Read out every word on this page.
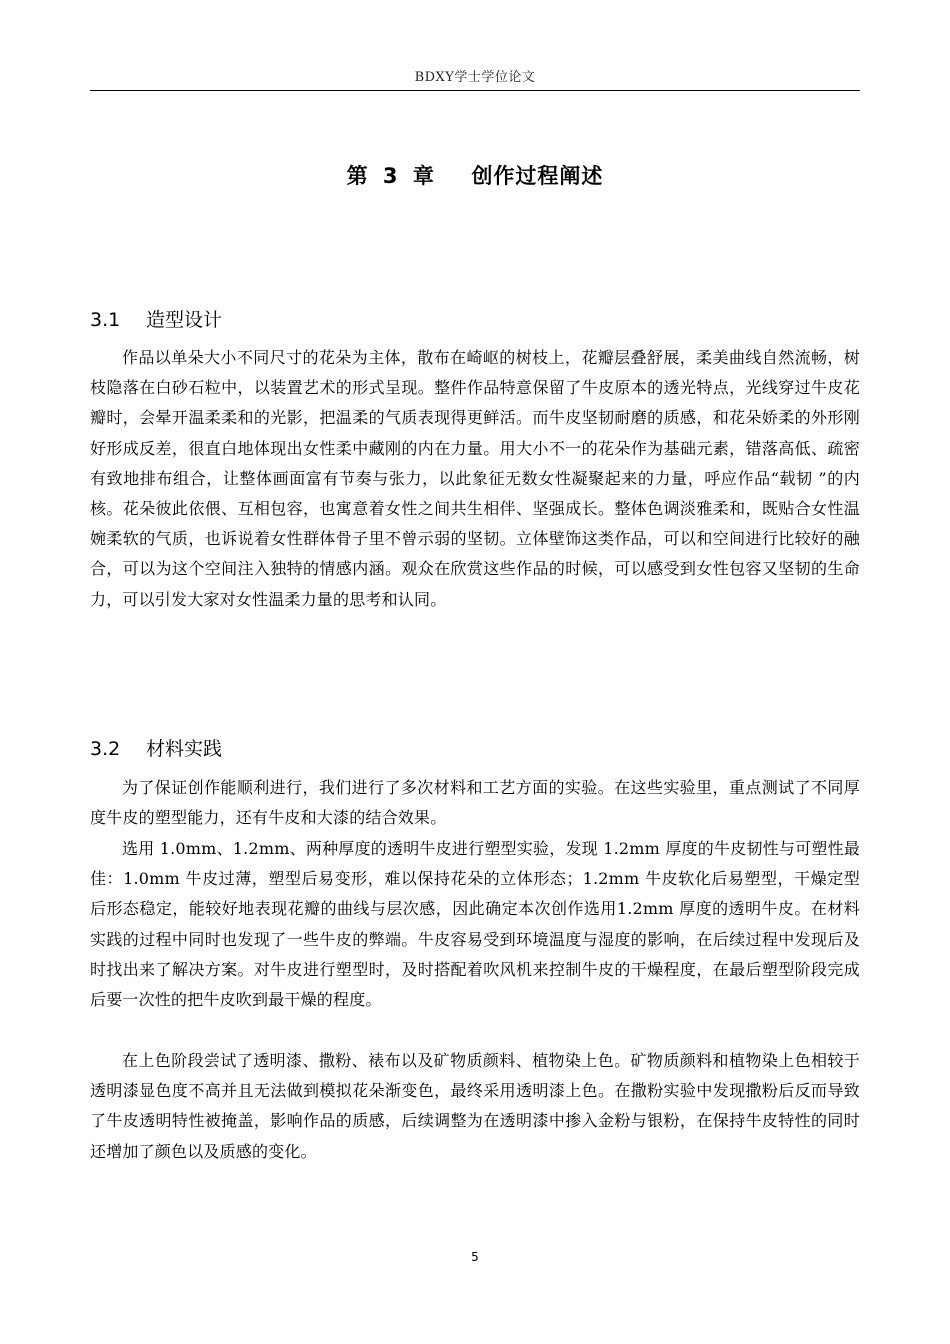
BDXY学士学位论文
第 3 章 创作过程阐述
3.1 造型设计

作品以单朵大小不同尺寸的花朵为主体，散布在崎岖的树枝上，花瓣层叠舒展，柔美曲线自然流畅，树枝隐落在白砂石粒中，以装置艺术的形式呈现。整件作品特意保留了牛皮原本的透光特点，光线穿过牛皮花瓣时，会晕开温柔柔和的光影，把温柔的气质表现得更鲜活。而牛皮坚韧耐磨的质感，和花朵娇柔的外形刚好形成反差，很直白地体现出女性柔中藏刚的内在力量。用大小不一的花朵作为基础元素，错落高低、疏密有致地排布组合，让整体画面富有节奏与张力，以此象征无数女性凝聚起来的力量，呼应作品“载韧 ”的内核。花朵彼此依偎、互相包容，也寓意着女性之间共生相伴、坚强成长。整体色调淡雅柔和，既贴合女性温婉柔软的气质，也诉说着女性群体骨子里不曾示弱的坚韧。立体壁饰这类作品，可以和空间进行比较好的融合，可以为这个空间注入独特的情感内涵。观众在欣赏这些作品的时候，可以感受到女性包容又坚韧的生命力，可以引发大家对女性温柔力量的思考和认同。

3.2 材料实践

为了保证创作能顺利进行，我们进行了多次材料和工艺方面的实验。在这些实验里，重点测试了不同厚度牛皮的塑型能力，还有牛皮和大漆的结合效果。

选用 1.0mm、1.2mm、两种厚度的透明牛皮进行塑型实验，发现 1.2mm 厚度的牛皮韧性与可塑性最佳：1.0mm 牛皮过薄，塑型后易变形，难以保持花朵的立体形态；1.2mm 牛皮软化后易塑型，干燥定型后形态稳定，能较好地表现花瓣的曲线与层次感，因此确定本次创作选用1.2mm 厚度的透明牛皮。在材料实践的过程中同时也发现了一些牛皮的弊端。牛皮容易受到环境温度与湿度的影响，在后续过程中发现后及时找出来了解决方案。对牛皮进行塑型时，及时搭配着吹风机来控制牛皮的干燥程度，在最后塑型阶段完成后要一次性的把牛皮吹到最干燥的程度。

在上色阶段尝试了透明漆、撒粉、裱布以及矿物质颜料、植物染上色。矿物质颜料和植物染上色相较于透明漆显色度不高并且无法做到模拟花朵渐变色，最终采用透明漆上色。在撒粉实验中发现撒粉后反而导致了牛皮透明特性被掩盖，影响作品的质感，后续调整为在透明漆中掺入金粉与银粉，在保持牛皮特性的同时还增加了颜色以及质感的变化。

5
